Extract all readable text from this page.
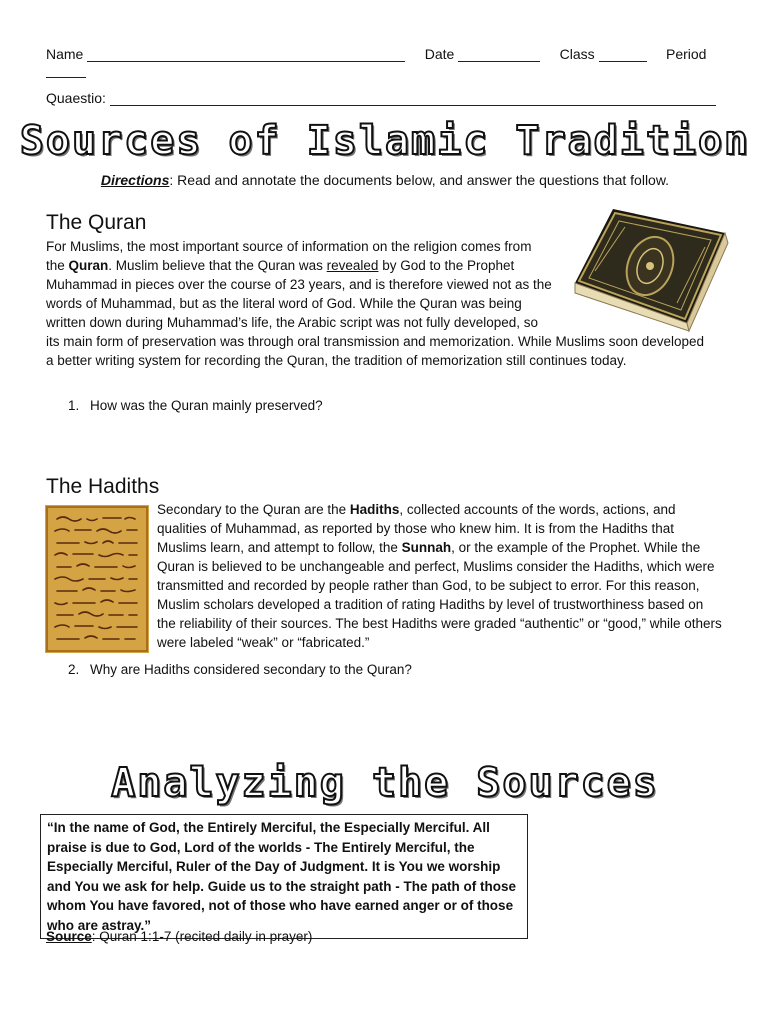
Name	Date	Class	Period
Quaestio:
Sources of Islamic Tradition
Directions: Read and annotate the documents below, and answer the questions that follow.
The Quran

For Muslims, the most important source of information on the religion comes from the Quran. Muslim believe that the Quran was revealed by God to the Prophet Muhammad in pieces over the course of 23 years, and is therefore viewed not as the words of Muhammad, but as the literal word of God. While the Quran was being written down during Muhammad’s life, the Arabic script was not fully developed, so its main form of preservation was through oral transmission and memorization. While Muslims soon developed a better writing system for recording the Quran, the tradition of memorization still continues today.

1. How was the Quran mainly preserved?
The Hadiths

Secondary to the Quran are the Hadiths, collected accounts of the words, actions, and qualities of Muhammad, as reported by those who knew him. It is from the Hadiths that Muslims learn, and attempt to follow, the Sunnah, or the example of the Prophet. While the Quran is believed to be unchangeable and perfect, Muslims consider the Hadiths, which were transmitted and recorded by people rather than God, to be subject to error. For this reason, Muslim scholars developed a tradition of rating Hadiths by level of trustworthiness based on the reliability of their sources. The best Hadiths were graded “authentic” or “good,” while others were labeled “weak” or “fabricated.”

2. Why are Hadiths considered secondary to the Quran?
Analyzing the Sources
“In the name of God, the Entirely Merciful, the Especially Merciful. All praise is due to God, Lord of the worlds - The Entirely Merciful, the Especially Merciful, Ruler of the Day of Judgment. It is You we worship and You we ask for help. Guide us to the straight path - The path of those whom You have favored, not of those who have earned anger or of those who are astray.”
Source: Quran 1:1-7 (recited daily in prayer)
